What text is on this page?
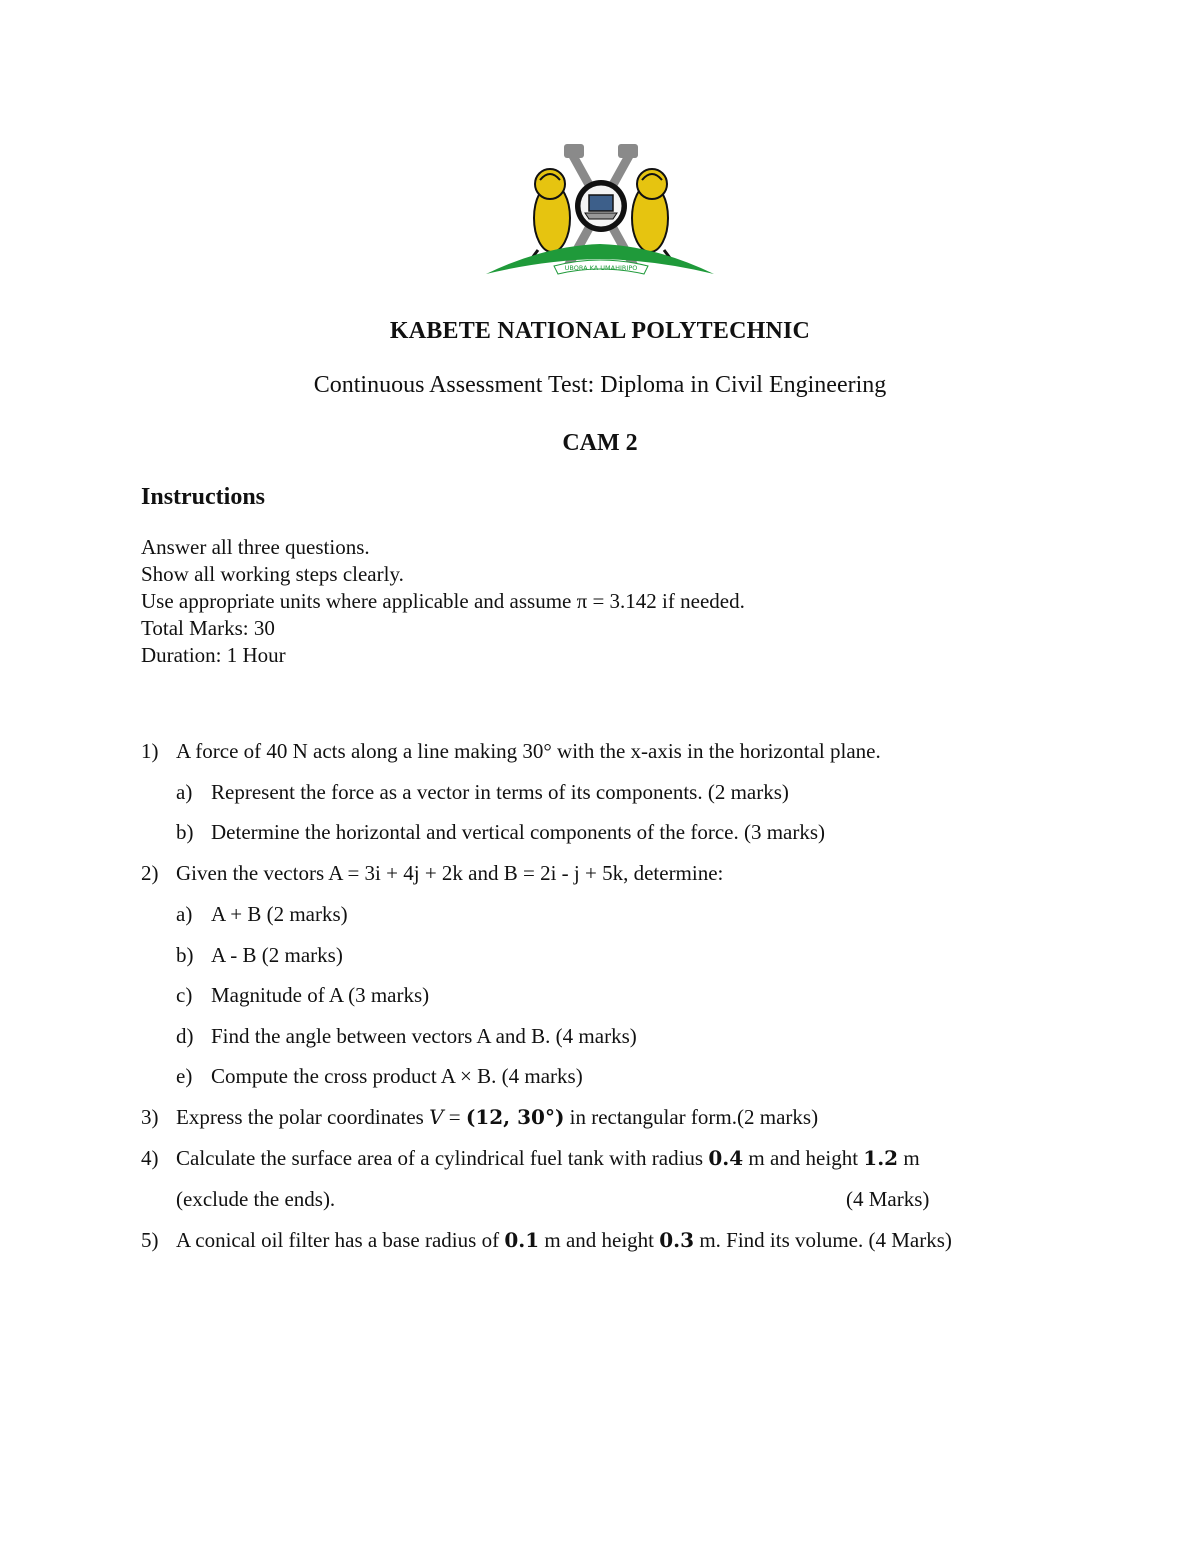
UBORA KA UMAHIRIPO
KABETE NATIONAL POLYTECHNIC
Continuous Assessment Test: Diploma in Civil Engineering
CAM 2
Instructions
Answer all three questions.
Show all working steps clearly.
Use appropriate units where applicable and assume π = 3.142 if needed.
Total Marks: 30
Duration: 1 Hour
1) A force of 40 N acts along a line making 30° with the x-axis in the horizontal plane.
a) Represent the force as a vector in terms of its components. (2 marks)
b) Determine the horizontal and vertical components of the force. (3 marks)
2) Given the vectors A = 3i + 4j + 2k and B = 2i - j + 5k, determine:
a) A + B (2 marks)
b) A - B (2 marks)
c) Magnitude of A (3 marks)
d) Find the angle between vectors A and B. (4 marks)
e) Compute the cross product A × B. (4 marks)
3) Express the polar coordinates V = (12, 30°) in rectangular form.(2 marks)
4) Calculate the surface area of a cylindrical fuel tank with radius 0.4 m and height 1.2 m
(exclude the ends).	(4 Marks)
5) A conical oil filter has a base radius of 0.1 m and height 0.3 m. Find its volume. (4 Marks)
